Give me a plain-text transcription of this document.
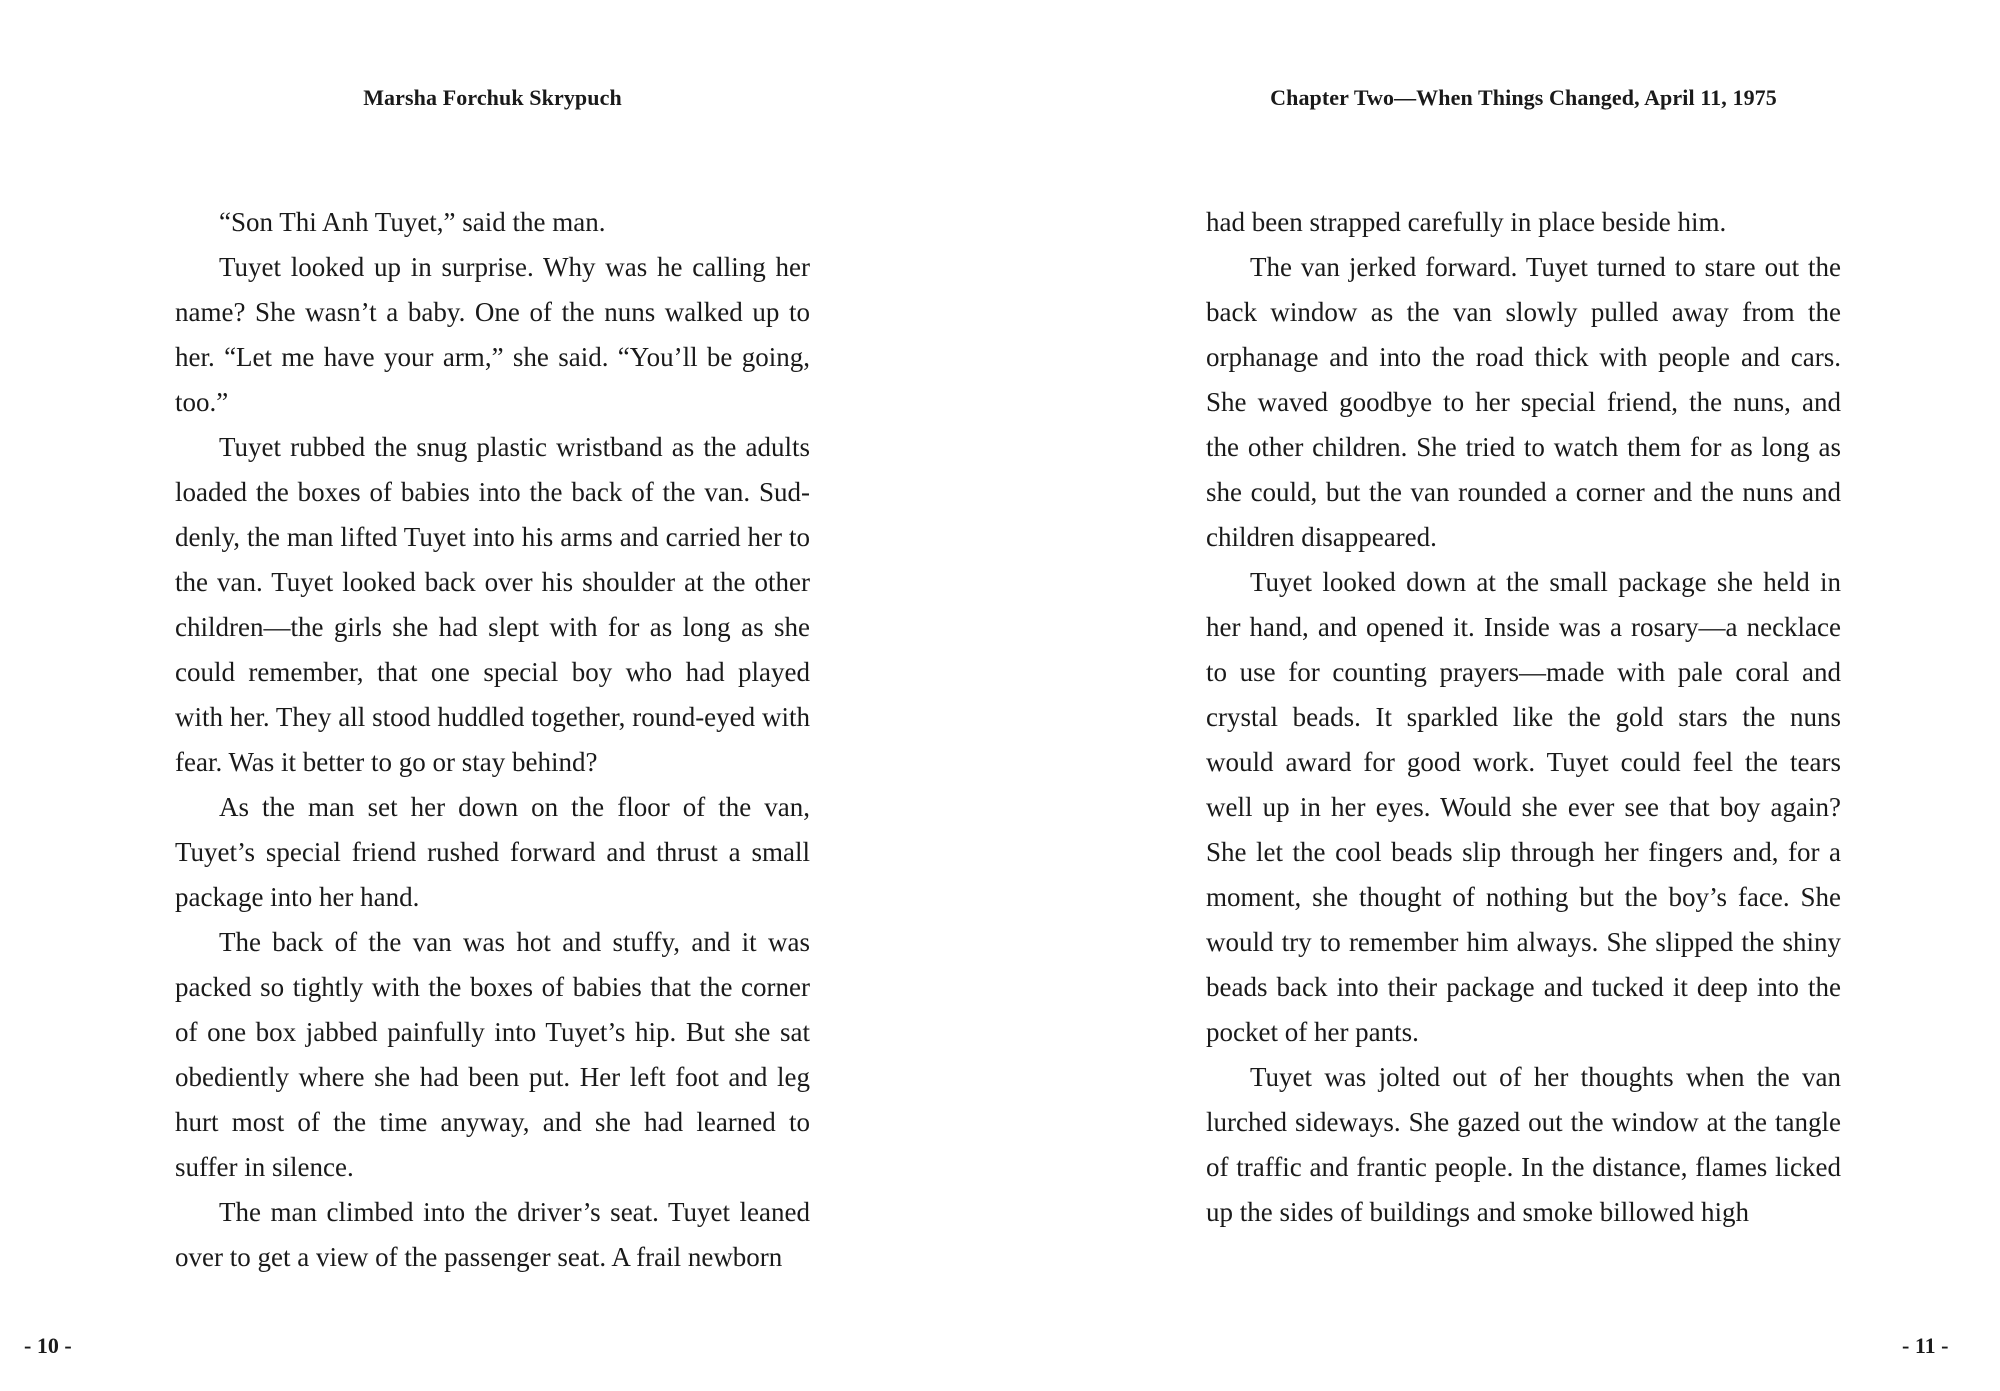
Marsha Forchuk Skrypuch

“Son Thi Anh Tuyet,” said the man.

Tuyet looked up in surprise. Why was he calling her name? She wasn’t a baby. One of the nuns walked up to her. “Let me have your arm,” she said. “You’ll be going, too.”

Tuyet rubbed the snug plastic wristband as the adults loaded the boxes of babies into the back of the van. Suddenly, the man lifted Tuyet into his arms and carried her to the van. Tuyet looked back over his shoulder at the other children—the girls she had slept with for as long as she could remember, that one special boy who had played with her. They all stood huddled together, round-eyed with fear. Was it better to go or stay behind?

As the man set her down on the floor of the van, Tuyet’s special friend rushed forward and thrust a small package into her hand.

The back of the van was hot and stuffy, and it was packed so tightly with the boxes of babies that the corner of one box jabbed painfully into Tuyet’s hip. But she sat obediently where she had been put. Her left foot and leg hurt most of the time anyway, and she had learned to suffer in silence.

The man climbed into the driver’s seat. Tuyet leaned over to get a view of the passenger seat. A frail newborn

- 10 -
Chapter Two—When Things Changed, April 11, 1975

had been strapped carefully in place beside him.

The van jerked forward. Tuyet turned to stare out the back window as the van slowly pulled away from the orphanage and into the road thick with people and cars. She waved goodbye to her special friend, the nuns, and the other children. She tried to watch them for as long as she could, but the van rounded a corner and the nuns and children disappeared.

Tuyet looked down at the small package she held in her hand, and opened it. Inside was a rosary—a necklace to use for counting prayers—made with pale coral and crystal beads. It sparkled like the gold stars the nuns would award for good work. Tuyet could feel the tears well up in her eyes. Would she ever see that boy again? She let the cool beads slip through her fingers and, for a moment, she thought of nothing but the boy’s face. She would try to remember him always. She slipped the shiny beads back into their package and tucked it deep into the pocket of her pants.

Tuyet was jolted out of her thoughts when the van lurched sideways. She gazed out the window at the tangle of traffic and frantic people. In the distance, flames licked up the sides of buildings and smoke billowed high

- 11 -
